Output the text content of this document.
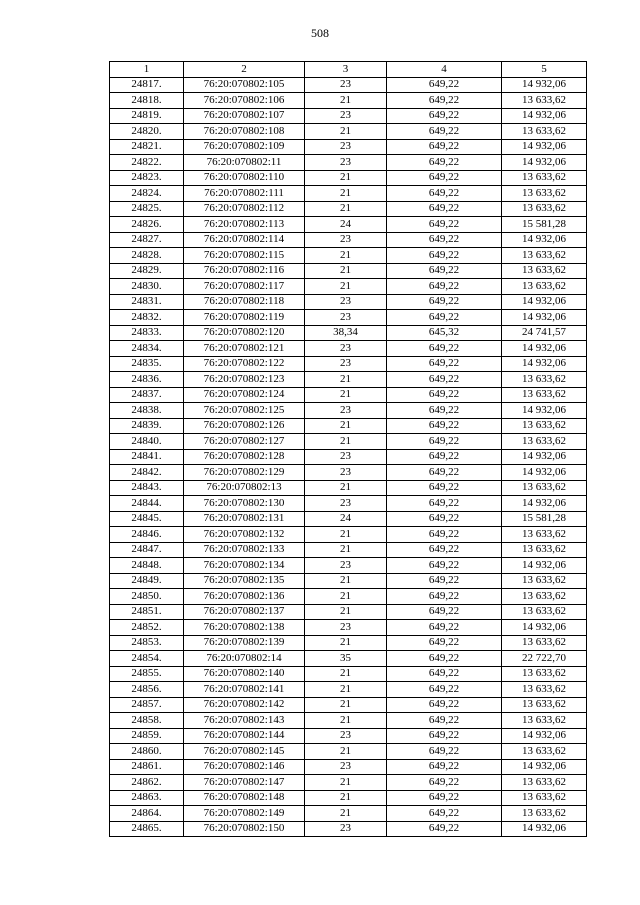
508
1	2	3	4	5
24817.	76:20:070802:105	23	649,22	14 932,06
24818.	76:20:070802:106	21	649,22	13 633,62
24819.	76:20:070802:107	23	649,22	14 932,06
24820.	76:20:070802:108	21	649,22	13 633,62
24821.	76:20:070802:109	23	649,22	14 932,06
24822.	76:20:070802:11	23	649,22	14 932,06
24823.	76:20:070802:110	21	649,22	13 633,62
24824.	76:20:070802:111	21	649,22	13 633,62
24825.	76:20:070802:112	21	649,22	13 633,62
24826.	76:20:070802:113	24	649,22	15 581,28
24827.	76:20:070802:114	23	649,22	14 932,06
24828.	76:20:070802:115	21	649,22	13 633,62
24829.	76:20:070802:116	21	649,22	13 633,62
24830.	76:20:070802:117	21	649,22	13 633,62
24831.	76:20:070802:118	23	649,22	14 932,06
24832.	76:20:070802:119	23	649,22	14 932,06
24833.	76:20:070802:120	38,34	645,32	24 741,57
24834.	76:20:070802:121	23	649,22	14 932,06
24835.	76:20:070802:122	23	649,22	14 932,06
24836.	76:20:070802:123	21	649,22	13 633,62
24837.	76:20:070802:124	21	649,22	13 633,62
24838.	76:20:070802:125	23	649,22	14 932,06
24839.	76:20:070802:126	21	649,22	13 633,62
24840.	76:20:070802:127	21	649,22	13 633,62
24841.	76:20:070802:128	23	649,22	14 932,06
24842.	76:20:070802:129	23	649,22	14 932,06
24843.	76:20:070802:13	21	649,22	13 633,62
24844.	76:20:070802:130	23	649,22	14 932,06
24845.	76:20:070802:131	24	649,22	15 581,28
24846.	76:20:070802:132	21	649,22	13 633,62
24847.	76:20:070802:133	21	649,22	13 633,62
24848.	76:20:070802:134	23	649,22	14 932,06
24849.	76:20:070802:135	21	649,22	13 633,62
24850.	76:20:070802:136	21	649,22	13 633,62
24851.	76:20:070802:137	21	649,22	13 633,62
24852.	76:20:070802:138	23	649,22	14 932,06
24853.	76:20:070802:139	21	649,22	13 633,62
24854.	76:20:070802:14	35	649,22	22 722,70
24855.	76:20:070802:140	21	649,22	13 633,62
24856.	76:20:070802:141	21	649,22	13 633,62
24857.	76:20:070802:142	21	649,22	13 633,62
24858.	76:20:070802:143	21	649,22	13 633,62
24859.	76:20:070802:144	23	649,22	14 932,06
24860.	76:20:070802:145	21	649,22	13 633,62
24861.	76:20:070802:146	23	649,22	14 932,06
24862.	76:20:070802:147	21	649,22	13 633,62
24863.	76:20:070802:148	21	649,22	13 633,62
24864.	76:20:070802:149	21	649,22	13 633,62
24865.	76:20:070802:150	23	649,22	14 932,06
